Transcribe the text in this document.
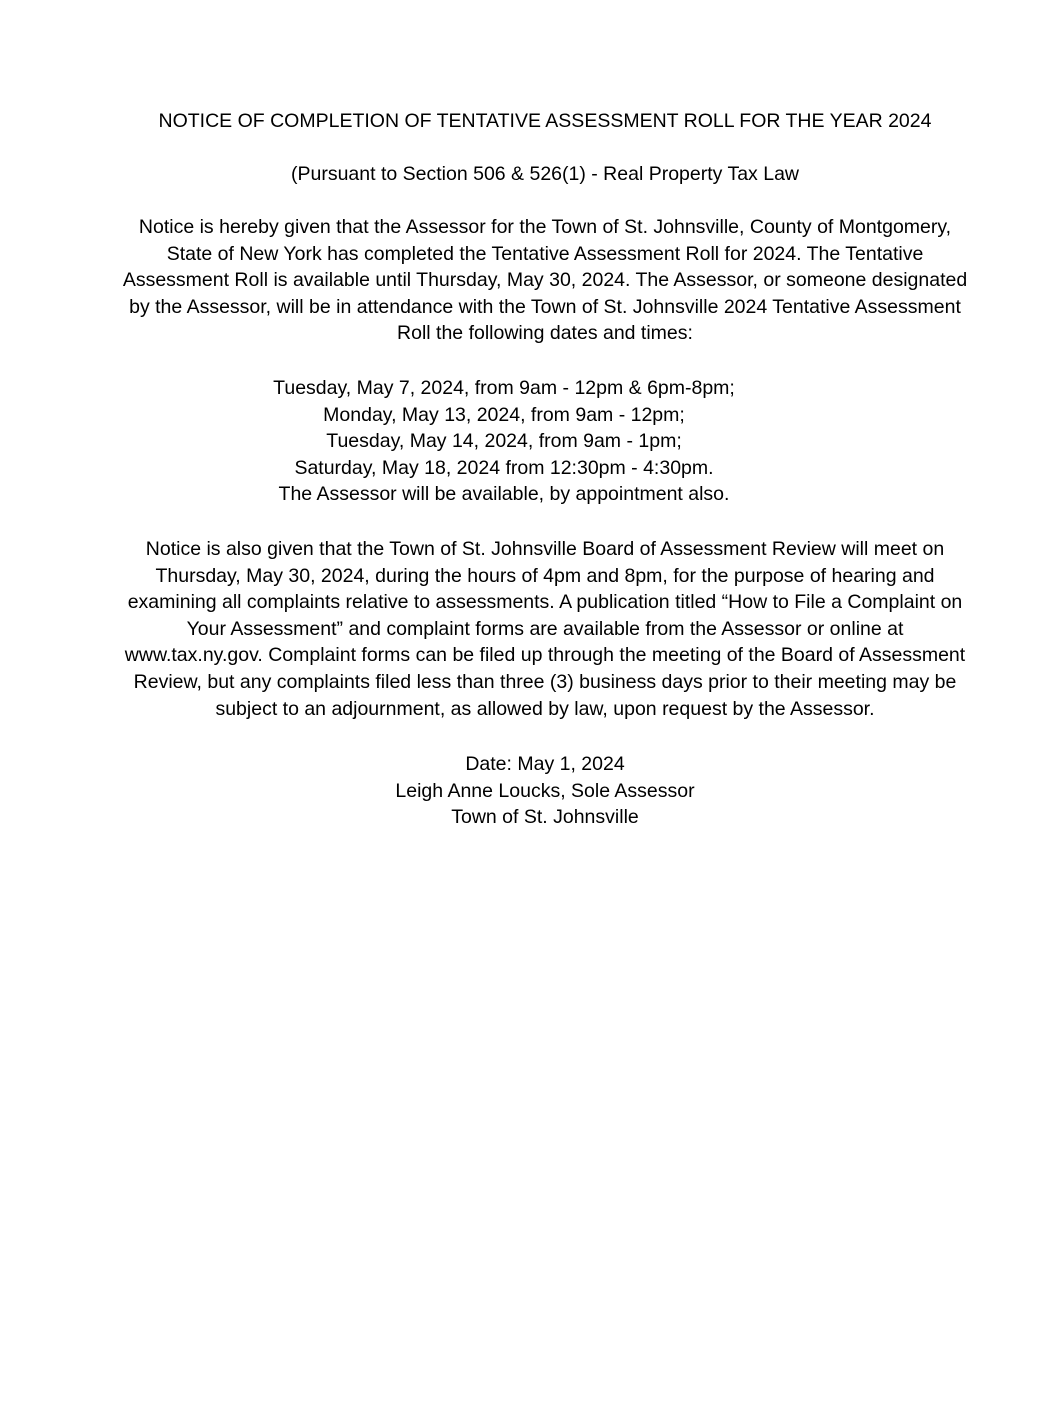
NOTICE OF COMPLETION OF TENTATIVE ASSESSMENT ROLL FOR THE YEAR 2024

(Pursuant to Section 506 & 526(1) - Real Property Tax Law

Notice is hereby given that the Assessor for the Town of St. Johnsville, County of Montgomery,
State of New York has completed the Tentative Assessment Roll for 2024. The Tentative
Assessment Roll is available until Thursday, May 30, 2024. The Assessor, or someone designated
by the Assessor, will be in attendance with the Town of St. Johnsville 2024 Tentative Assessment
Roll the following dates and times:
Tuesday, May 7, 2024, from 9am - 12pm & 6pm-8pm;
Monday, May 13, 2024, from 9am - 12pm;
Tuesday, May 14, 2024, from 9am - 1pm;
Saturday, May 18, 2024 from 12:30pm - 4:30pm.
The Assessor will be available, by appointment also.
Notice is also given that the Town of St. Johnsville Board of Assessment Review will meet on
Thursday, May 30, 2024, during the hours of 4pm and 8pm, for the purpose of hearing and
examining all complaints relative to assessments. A publication titled “How to File a Complaint on
Your Assessment” and complaint forms are available from the Assessor or online at
www.tax.ny.gov. Complaint forms can be filed up through the meeting of the Board of Assessment
Review, but any complaints filed less than three (3) business days prior to their meeting may be
subject to an adjournment, as allowed by law, upon request by the Assessor.
Date: May 1, 2024
Leigh Anne Loucks, Sole Assessor
Town of St. Johnsville
